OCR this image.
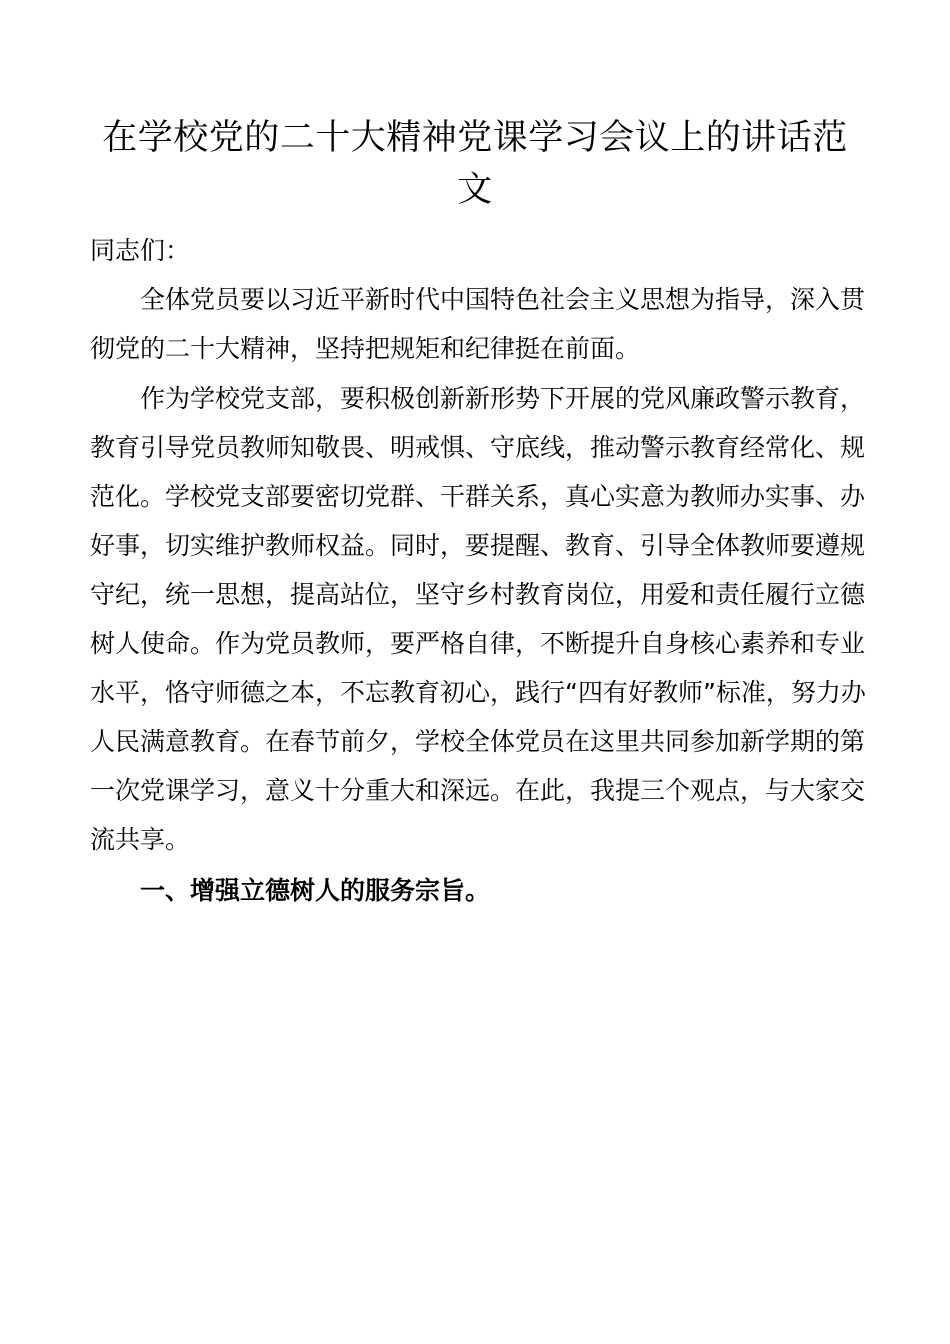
在学校党的二十大精神党课学习会议上的讲话范文

同志们：

全体党员要以习近平新时代中国特色社会主义思想为指导，深入贯彻党的二十大精神，坚持把规矩和纪律挺在前面。

作为学校党支部，要积极创新新形势下开展的党风廉政警示教育，教育引导党员教师知敬畏、明戒惧、守底线，推动警示教育经常化、规范化。学校党支部要密切党群、干群关系，真心实意为教师办实事、办好事，切实维护教师权益。同时，要提醒、教育、引导全体教师要遵规守纪，统一思想，提高站位，坚守乡村教育岗位，用爱和责任履行立德树人使命。作为党员教师，要严格自律，不断提升自身核心素养和专业水平，恪守师德之本，不忘教育初心，践行“四有好教师”标准，努力办人民满意教育。在春节前夕，学校全体党员在这里共同参加新学期的第一次党课学习，意义十分重大和深远。在此，我提三个观点，与大家交流共享。

一、增强立德树人的服务宗旨。
